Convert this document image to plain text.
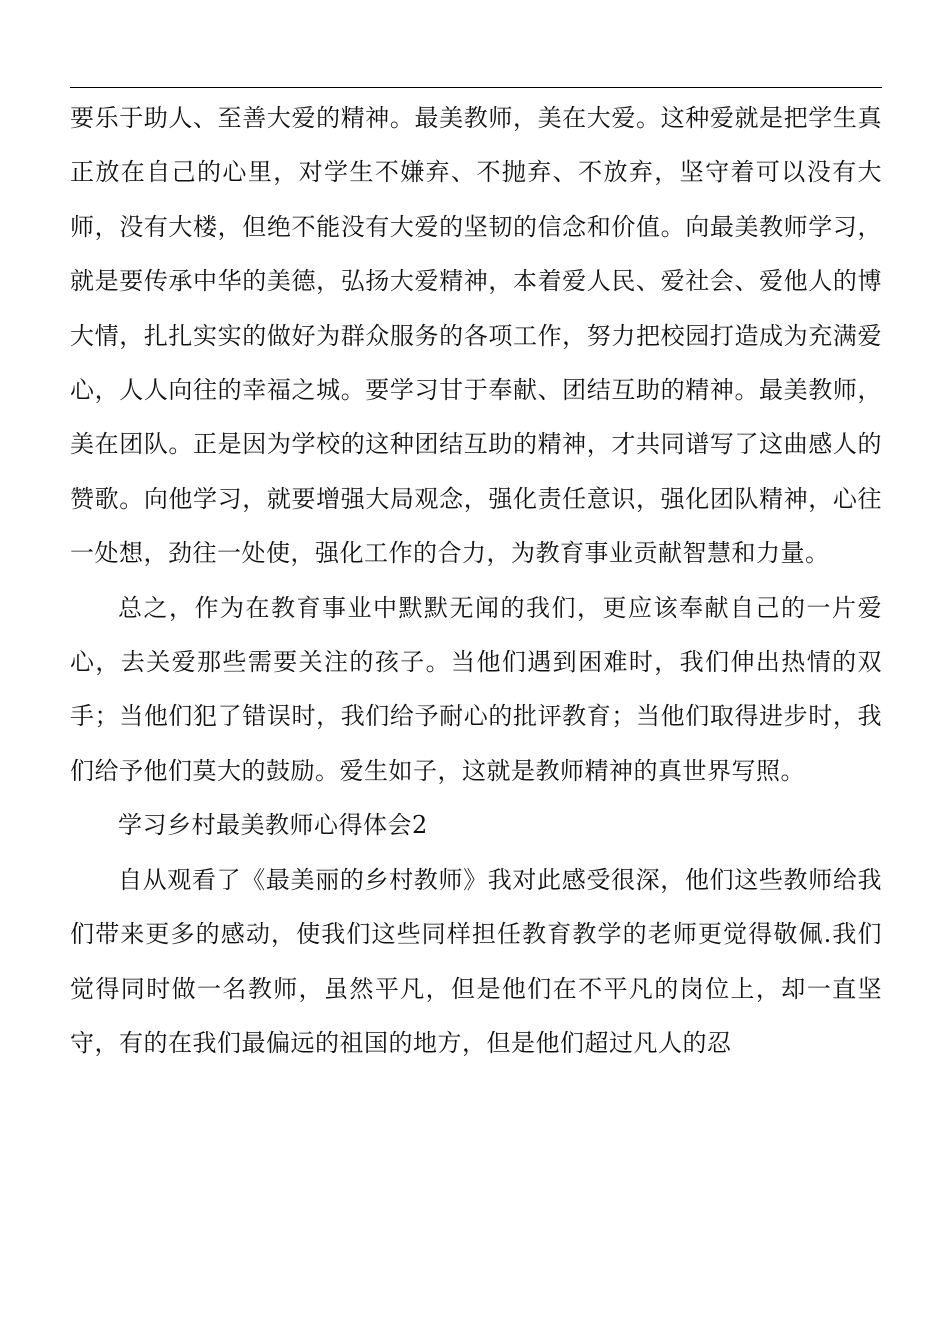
要乐于助人、至善大爱的精神。最美教师，美在大爱。这种爱就是把学生真正放在自己的心里，对学生不嫌弃、不抛弃、不放弃，坚守着可以没有大师，没有大楼，但绝不能没有大爱的坚韧的信念和价值。向最美教师学习，就是要传承中华的美德，弘扬大爱精神，本着爱人民、爱社会、爱他人的博大情，扎扎实实的做好为群众服务的各项工作，努力把校园打造成为充满爱心，人人向往的幸福之城。要学习甘于奉献、团结互助的精神。最美教师，美在团队。正是因为学校的这种团结互助的精神，才共同谱写了这曲感人的赞歌。向他学习，就要增强大局观念，强化责任意识，强化团队精神，心往一处想，劲往一处使，强化工作的合力，为教育事业贡献智慧和力量。

总之，作为在教育事业中默默无闻的我们，更应该奉献自己的一片爱心，去关爱那些需要关注的孩子。当他们遇到困难时，我们伸出热情的双手；当他们犯了错误时，我们给予耐心的批评教育；当他们取得进步时，我们给予他们莫大的鼓励。爱生如子，这就是教师精神的真世界写照。

学习乡村最美教师心得体会2

自从观看了《最美丽的乡村教师》我对此感受很深，他们这些教师给我们带来更多的感动，使我们这些同样担任教育教学的老师更觉得敬佩.我们觉得同时做一名教师，虽然平凡，但是他们在不平凡的岗位上，却一直坚守，有的在我们最偏远的祖国的地方，但是他们超过凡人的忍
